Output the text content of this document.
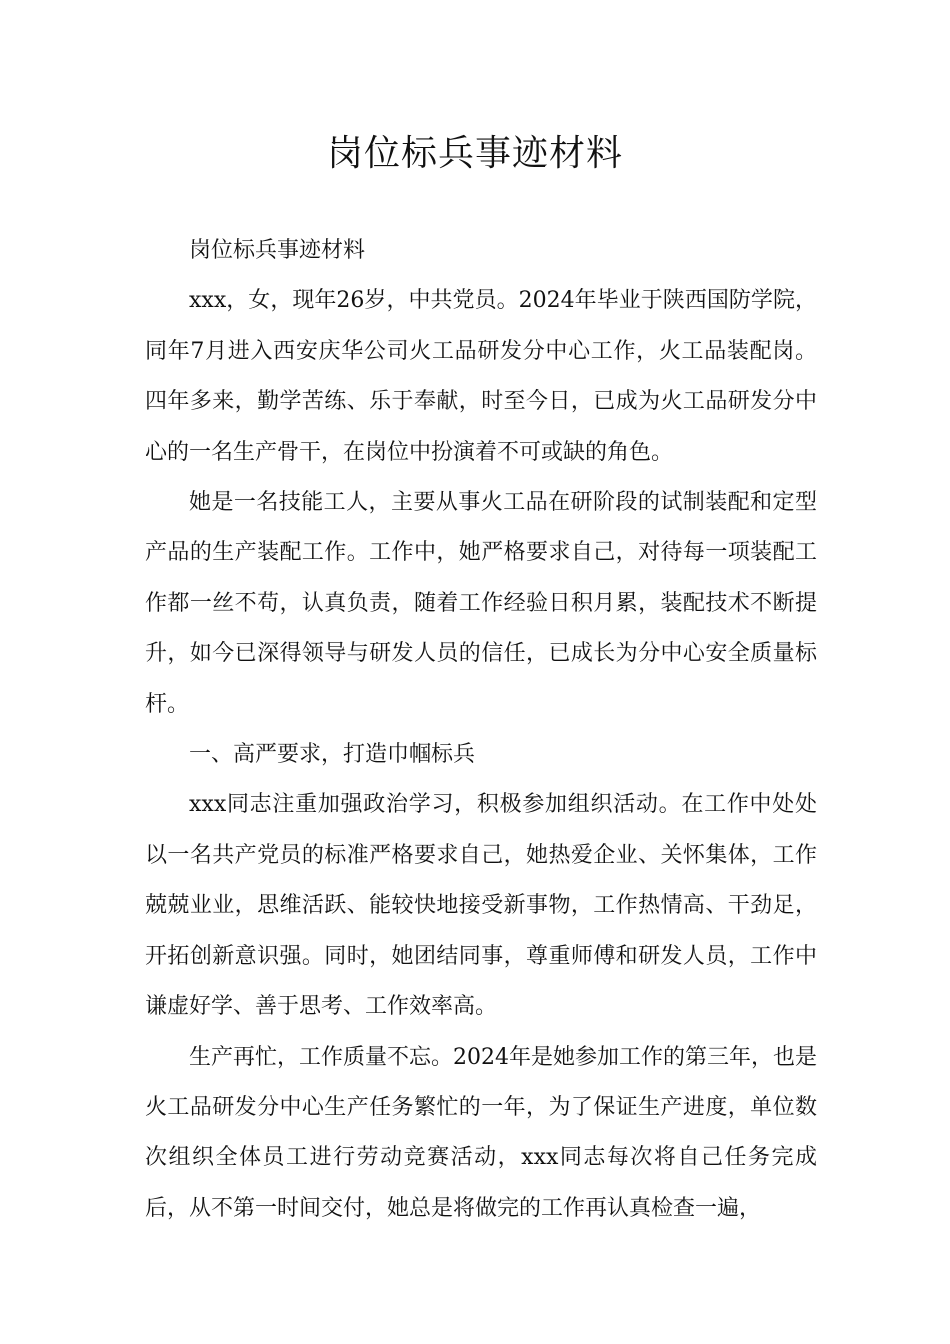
岗位标兵事迹材料

岗位标兵事迹材料

xxx，女，现年26岁，中共党员。2024年毕业于陕西国防学院，同年7月进入西安庆华公司火工品研发分中心工作，火工品装配岗。四年多来，勤学苦练、乐于奉献，时至今日，已成为火工品研发分中心的一名生产骨干，在岗位中扮演着不可或缺的角色。

她是一名技能工人，主要从事火工品在研阶段的试制装配和定型产品的生产装配工作。工作中，她严格要求自己，对待每一项装配工作都一丝不苟，认真负责，随着工作经验日积月累，装配技术不断提升，如今已深得领导与研发人员的信任，已成长为分中心安全质量标杆。

一、高严要求，打造巾帼标兵

xxx同志注重加强政治学习，积极参加组织活动。在工作中处处以一名共产党员的标准严格要求自己，她热爱企业、关怀集体，工作兢兢业业，思维活跃、能较快地接受新事物，工作热情高、干劲足，开拓创新意识强。同时，她团结同事，尊重师傅和研发人员，工作中谦虚好学、善于思考、工作效率高。

生产再忙，工作质量不忘。2024年是她参加工作的第三年，也是火工品研发分中心生产任务繁忙的一年，为了保证生产进度，单位数次组织全体员工进行劳动竞赛活动，xxx同志每次将自己任务完成后，从不第一时间交付，她总是将做完的工作再认真检查一遍，
